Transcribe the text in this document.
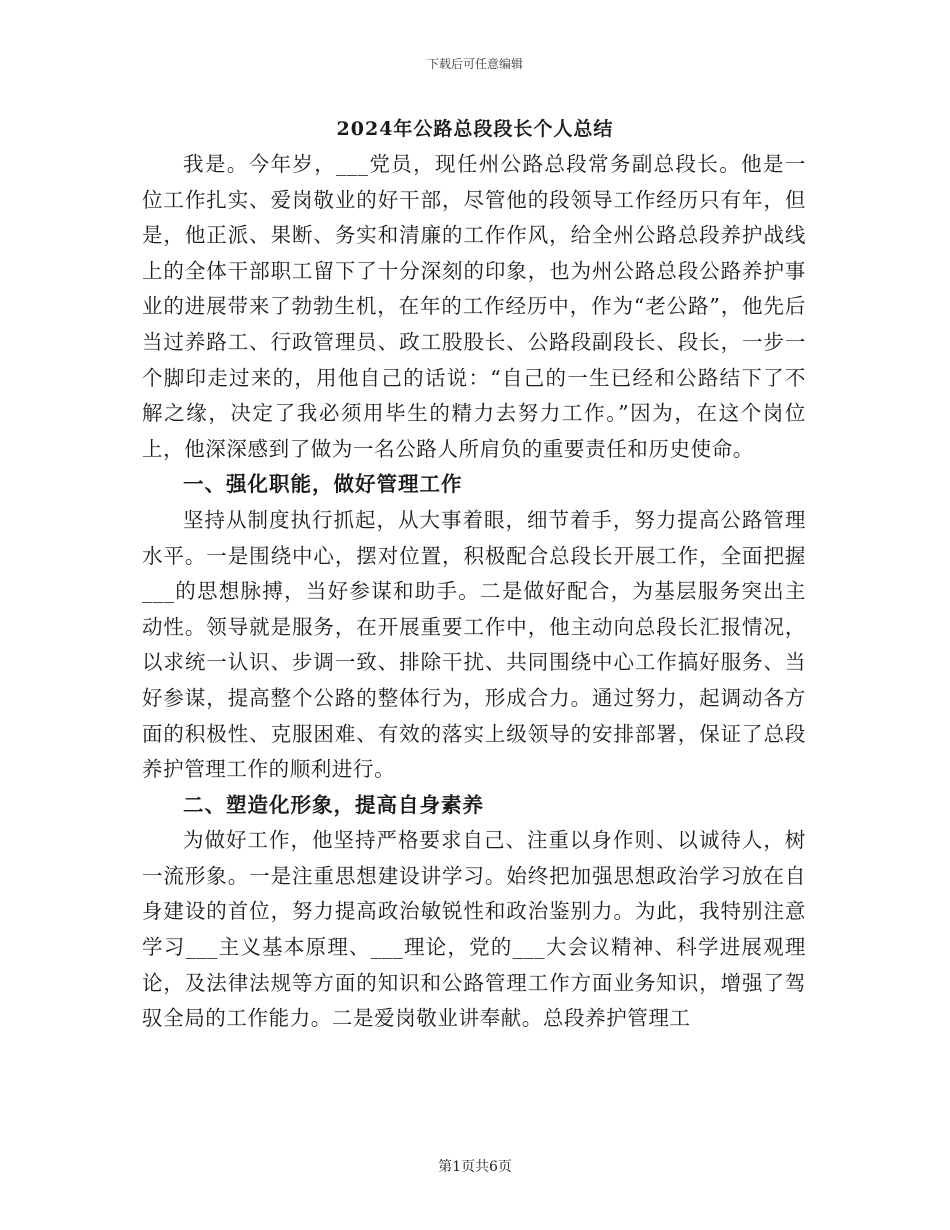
下载后可任意编辑
2024年公路总段段长个人总结

我是。今年岁，___党员，现任州公路总段常务副总段长。他是一位工作扎实、爱岗敬业的好干部，尽管他的段领导工作经历只有年，但是，他正派、果断、务实和清廉的工作作风，给全州公路总段养护战线上的全体干部职工留下了十分深刻的印象，也为州公路总段公路养护事业的进展带来了勃勃生机，在年的工作经历中，作为“老公路”，他先后当过养路工、行政管理员、政工股股长、公路段副段长、段长，一步一个脚印走过来的，用他自己的话说：“自己的一生已经和公路结下了不解之缘，决定了我必须用毕生的精力去努力工作。”因为，在这个岗位上，他深深感到了做为一名公路人所肩负的重要责任和历史使命。

一、强化职能，做好管理工作

坚持从制度执行抓起，从大事着眼，细节着手，努力提高公路管理水平。一是围绕中心，摆对位置，积极配合总段长开展工作，全面把握___的思想脉搏，当好参谋和助手。二是做好配合，为基层服务突出主动性。领导就是服务，在开展重要工作中，他主动向总段长汇报情况，以求统一认识、步调一致、排除干扰、共同围绕中心工作搞好服务、当好参谋，提高整个公路的整体行为，形成合力。通过努力，起调动各方面的积极性、克服困难、有效的落实上级领导的安排部署，保证了总段养护管理工作的顺利进行。

二、塑造化形象，提高自身素养

为做好工作，他坚持严格要求自己、注重以身作则、以诚待人，树一流形象。一是注重思想建设讲学习。始终把加强思想政治学习放在自身建设的首位，努力提高政治敏锐性和政治鉴别力。为此，我特别注意学习___主义基本原理、___理论，党的___大会议精神、科学进展观理论，及法律法规等方面的知识和公路管理工作方面业务知识，增强了驾驭全局的工作能力。二是爱岗敬业讲奉献。总段养护管理工

第1页共6页
